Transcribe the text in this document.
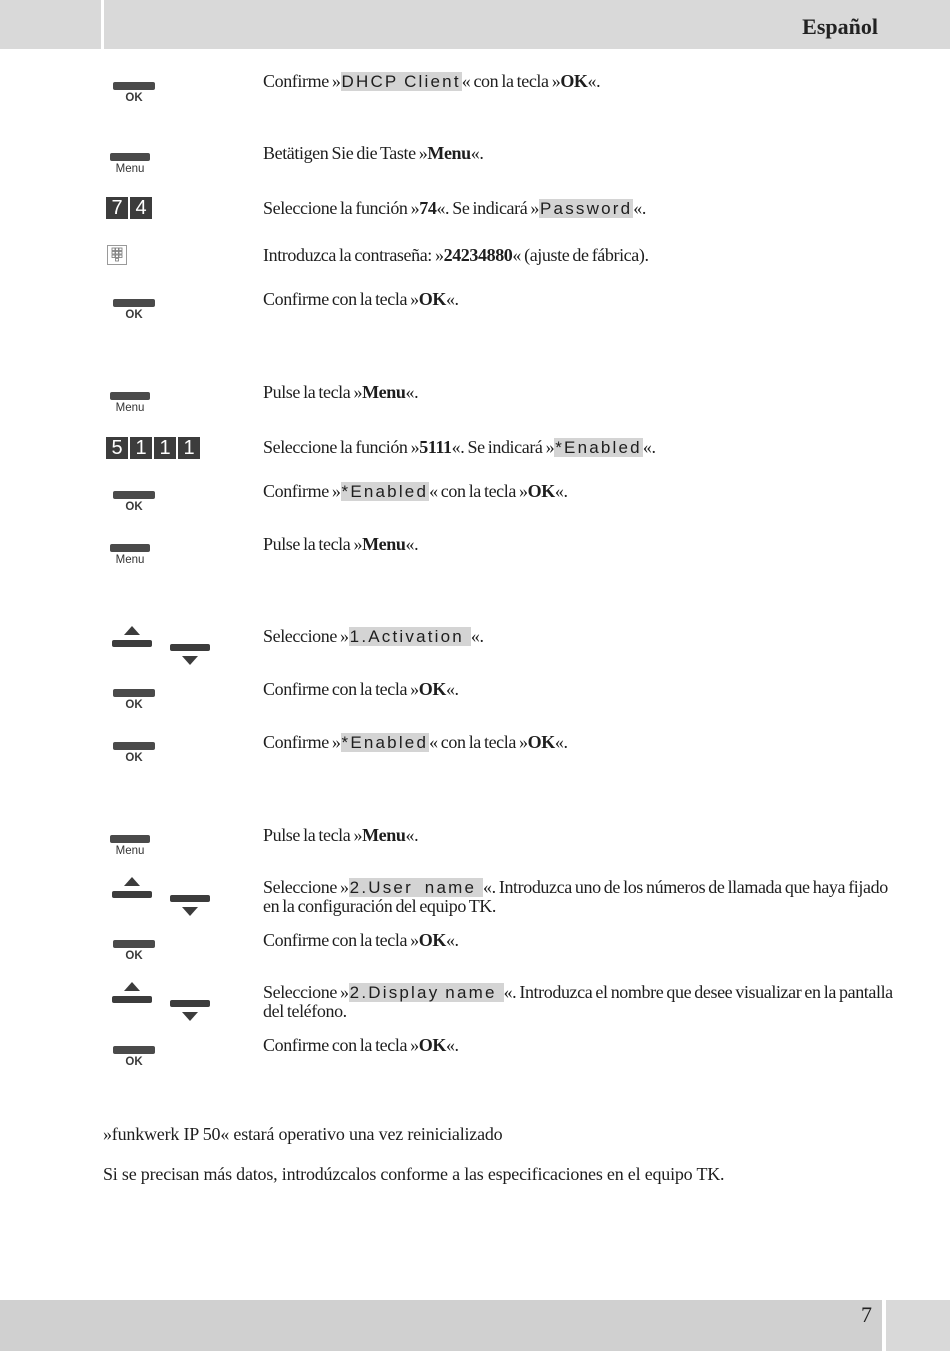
Español
7
OK
Confirme »DHCP Client« con la tecla »OK«.
Menu
Betätigen Sie die Taste »Menu«.
7 4	Seleccione la función »74«. Se indicará »Password«.
Introduzca la contraseña: »24234880« (ajuste de fábrica).
OK
Confirme con la tecla »OK«.
Menu
Pulse la tecla »Menu«.
5 1 1 1	Seleccione la función »5111«. Se indicará »*Enabled«.
OK
Confirme »*Enabled« con la tecla »OK«.
Menu
Pulse la tecla »Menu«.
Seleccione »1.Activation «.
OK
Confirme con la tecla »OK«.
OK
Confirme »*Enabled« con la tecla »OK«.
Menu
Pulse la tecla »Menu«.
Seleccione »2.User  name «. Introduzca uno de los números de llamada que haya fijado en la configuración del equipo TK.
OK
Confirme con la tecla »OK«.
Seleccione »2.Display name «. Introduzca el nombre que desee visualizar en la pantalla del teléfono.
OK
Confirme con la tecla »OK«.
»funkwerk IP 50« estará operativo una vez reinicializado
Si se precisan más datos, introdúzcalos conforme a las especificaciones en el equipo TK.
